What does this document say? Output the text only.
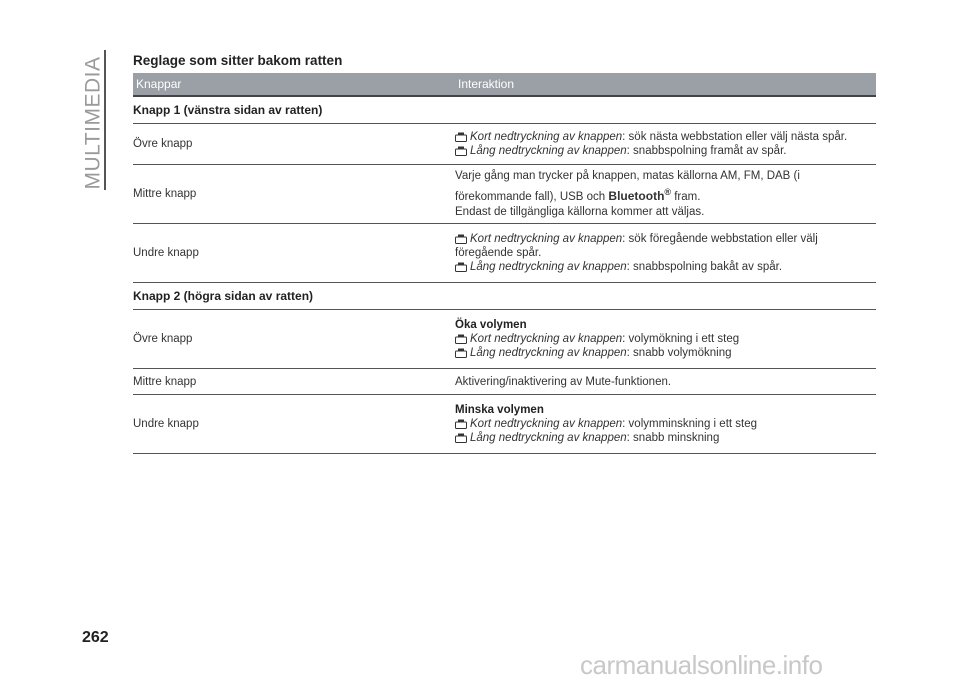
MULTIMEDIA Reglage som sitter bakom ratten
Knappar	Interaktion
Knapp 1 (vänstra sidan av ratten)
Övre knapp
Kort nedtryckning av knappen: sök nästa webbstation eller välj nästa spår.
Lång nedtryckning av knappen: snabbspolning framåt av spår.
Mittre knapp
Varje gång man trycker på knappen, matas källorna AM, FM, DAB (i
förekommande fall), USB och Bluetooth® fram.
Endast de tillgängliga källorna kommer att väljas.
Undre knapp
Kort nedtryckning av knappen: sök föregående webbstation eller välj
föregående spår.
Lång nedtryckning av knappen: snabbspolning bakåt av spår.
Knapp 2 (högra sidan av ratten)
Övre knapp
Öka volymen
Kort nedtryckning av knappen: volymökning i ett steg
Lång nedtryckning av knappen: snabb volymökning
Mittre knapp	Aktivering/inaktivering av Mute-funktionen.
Undre knapp
Minska volymen
Kort nedtryckning av knappen: volymminskning i ett steg
Lång nedtryckning av knappen: snabb minskning
262
carmanualsonline.info
